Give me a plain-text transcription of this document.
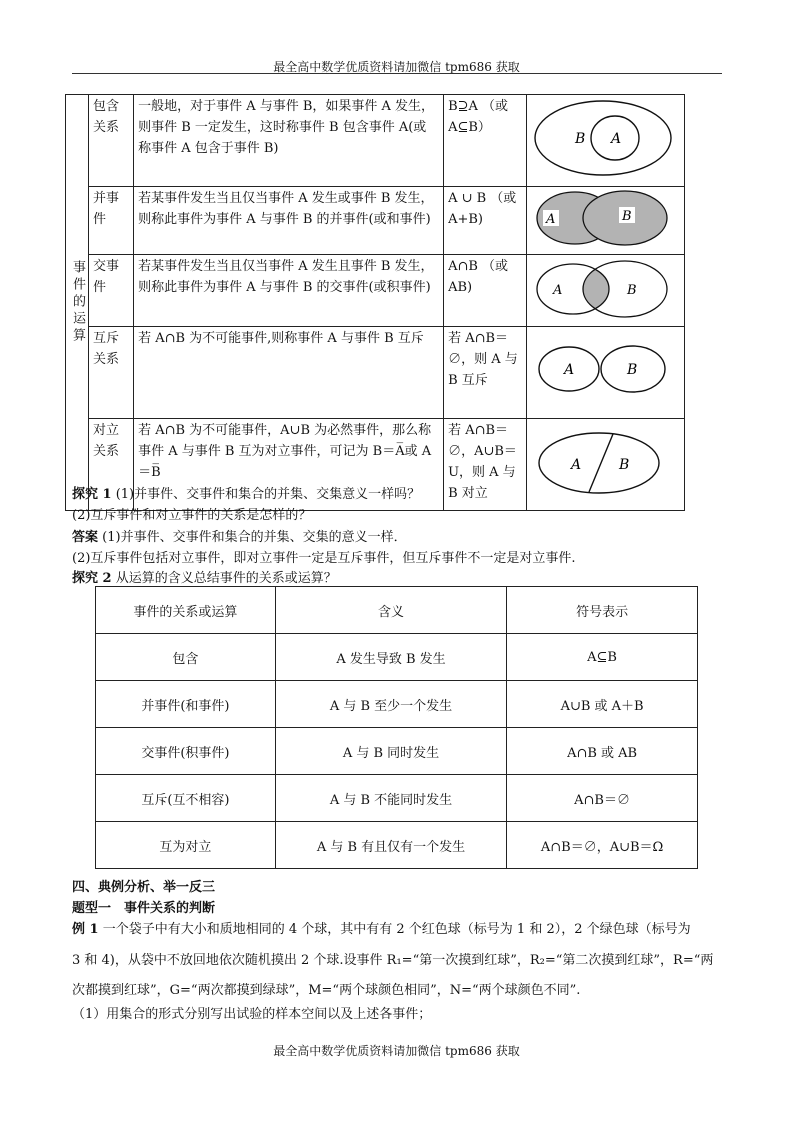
最全高中数学优质资料请加微信 tpm686 获取
事件的运算	包含关系	一般地，对于事件 A 与事件 B，如果事件 A 发生，则事件 B 一定发生，这时称事件 B 包含事件 A(或称事件 A 包含于事件 B)	B⊇A （或 A⊆B）	B A

	并事件	若某事件发生当且仅当事件 A 发生或事件 B 发生，则称此事件为事件 A 与事件 B 的并事件(或和事件)	A ∪ B （或 A+B)	A B

	交事件	若某事件发生当且仅当事件 A 发生且事件 B 发生，则称此事件为事件 A 与事件 B 的交事件(或积事件)	A∩B （或 AB)	A B

	互斥关系	若 A∩B 为不可能事件,则称事件 A 与事件 B 互斥	若 A∩B＝∅，则 A 与 B 互斥	A B

	对立关系	若 A∩B 为不可能事件，A∪B 为必然事件，那么称事件 A 与事件 B 互为对立事件，可记为 B＝A̅或 A＝B̅	若 A∩B＝∅，A∪B＝U，则 A 与 B 对立	A B
探究 1 (1)并事件、交事件和集合的并集、交集意义一样吗？
(2)互斥事件和对立事件的关系是怎样的？
答案 (1)并事件、交事件和集合的并集、交集的意义一样．
(2)互斥事件包括对立事件，即对立事件一定是互斥事件，但互斥事件不一定是对立事件.
探究 2 从运算的含义总结事件的关系或运算？
事件的关系或运算	含义	符号表示
包含	A 发生导致 B 发生	A⊆B
并事件(和事件)	A 与 B 至少一个发生	A∪B 或 A＋B
交事件(积事件)	A 与 B 同时发生	A∩B 或 AB
互斥(互不相容)	A 与 B 不能同时发生	A∩B＝∅
互为对立	A 与 B 有且仅有一个发生	A∩B＝∅，A∪B＝Ω
四、典例分析、举一反三
题型一　事件关系的判断
例 1 一个袋子中有大小和质地相同的 4 个球，其中有有 2 个红色球（标号为 1 和 2），2 个绿色球（标号为
3 和 4)，从袋中不放回地依次随机摸出 2 个球.设事件 R₁=“第一次摸到红球”，R₂=“第二次摸到红球”，R=“两
次都摸到红球”，G=“两次都摸到绿球”，M=“两个球颜色相同”，N=“两个球颜色不同”.
（1）用集合的形式分别写出试验的样本空间以及上述各事件；
最全高中数学优质资料请加微信 tpm686 获取
